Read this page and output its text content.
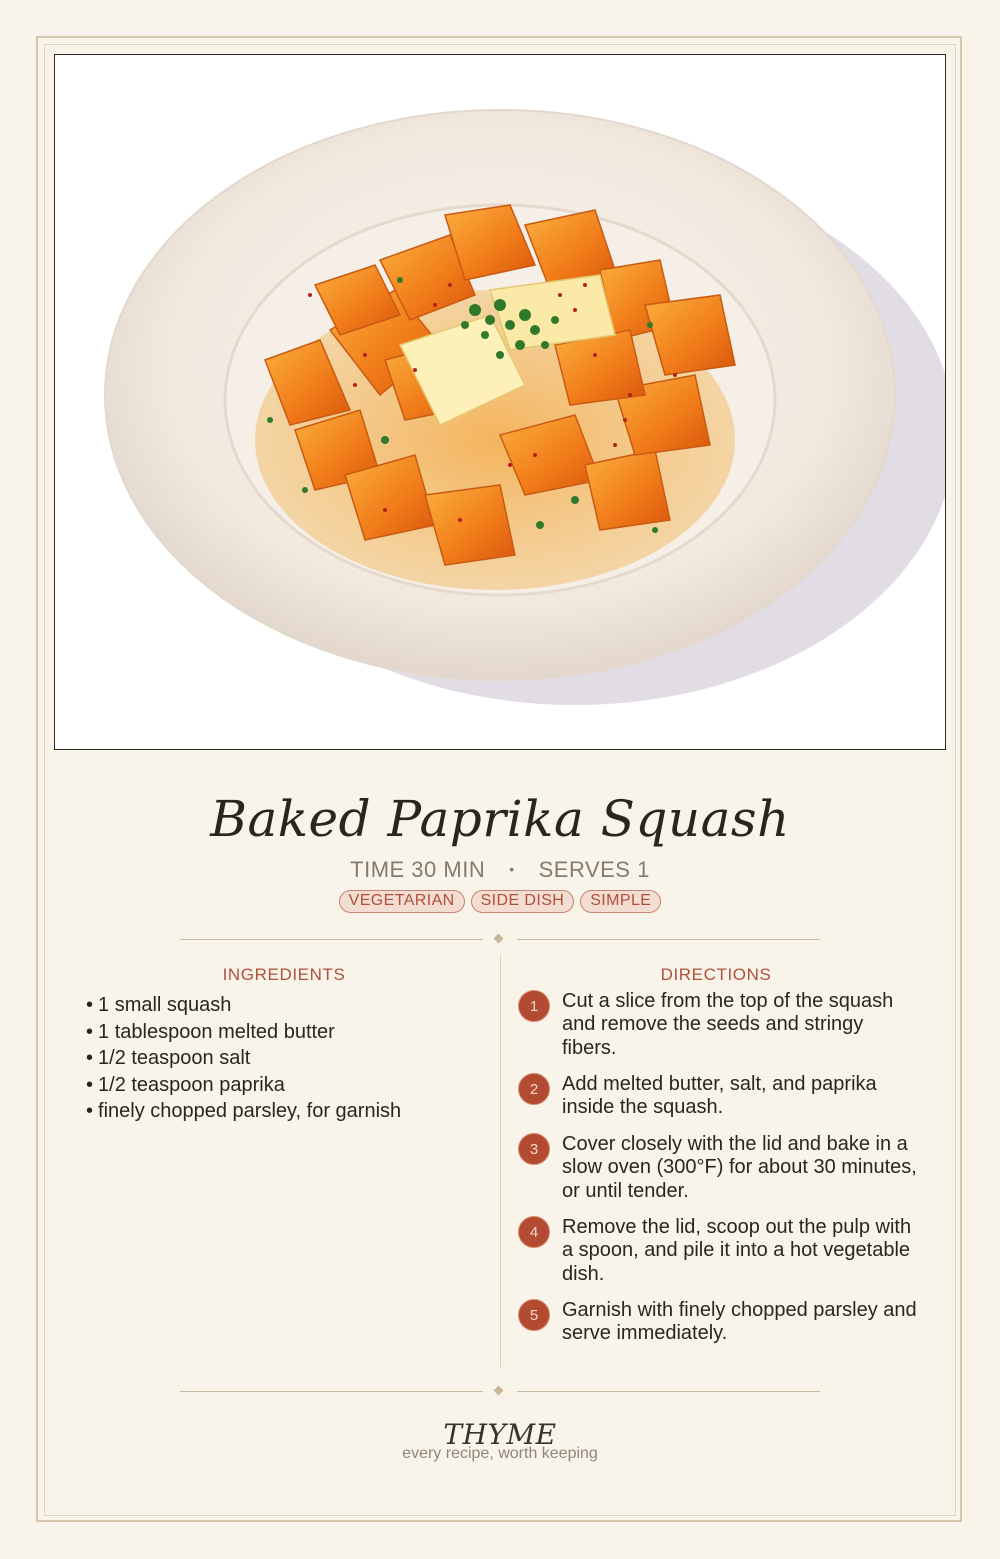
Baked Paprika Squash
TIME 30 MIN • SERVES 1
VEGETARIAN SIDE DISH SIMPLE
INGREDIENTS	DIRECTIONS
• 1 small squash
• 1 tablespoon melted butter
• 1/2 teaspoon salt
• 1/2 teaspoon paprika
• finely chopped parsley, for garnish
1	Cut a slice from the top of the squash and remove the seeds and stringy fibers.
2	Add melted butter, salt, and paprika inside the squash.
3	Cover closely with the lid and bake in a slow oven (300°F) for about 30 minutes, or until tender.
4	Remove the lid, scoop out the pulp with a spoon, and pile it into a hot vegetable dish.
5	Garnish with finely chopped parsley and serve immediately.
THYME
every recipe, worth keeping
